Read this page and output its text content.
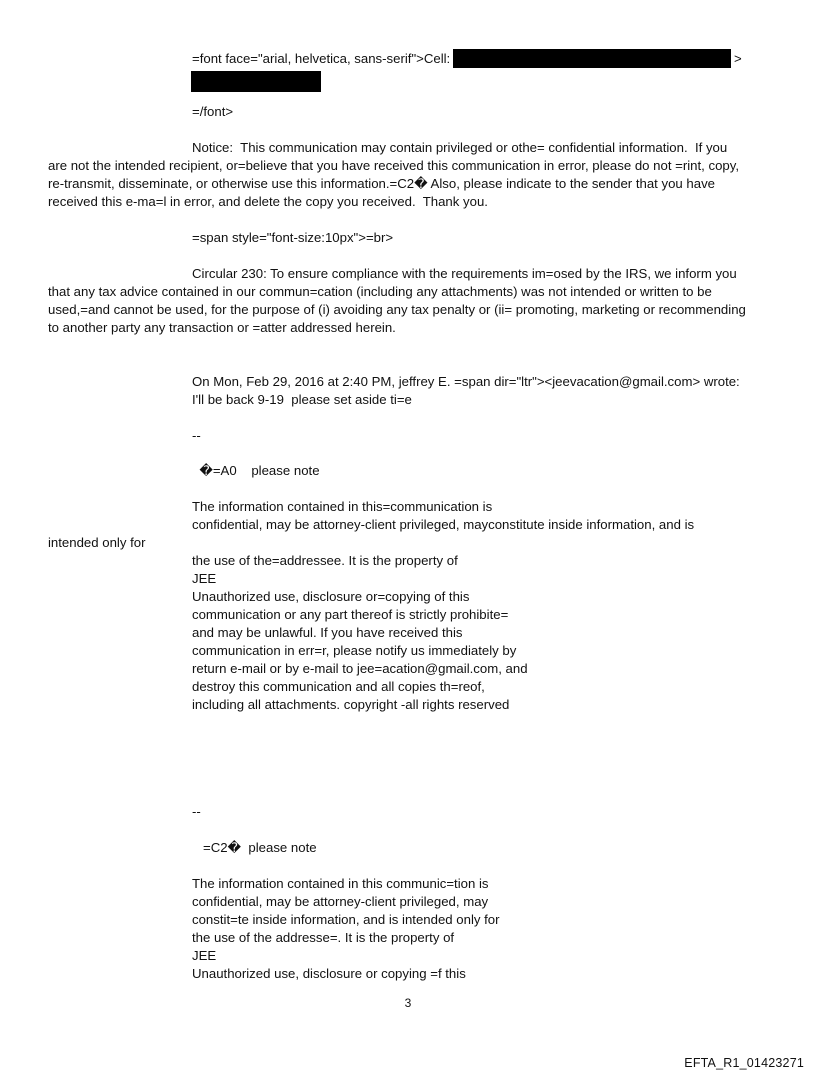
=font face="arial, helvetica, sans-serif">Cell:	>

=/font>

Notice:  This communication may contain privileged or othe= confidential information.  If you

are not the intended recipient, or=believe that you have received this communication in error, please do not =rint, copy,

re-transmit, disseminate, or otherwise use this information.=C2� Also, please indicate to the sender that you have

received this e-ma=l in error, and delete the copy you received.  Thank you.

=span style="font-size:10px">=br>

Circular 230: To ensure compliance with the requirements im=osed by the IRS, we inform you

that any tax advice contained in our commun=cation (including any attachments) was not intended or written to be

used,=and cannot be used, for the purpose of (i) avoiding any tax penalty or (ii= promoting, marketing or recommending

to another party any transaction or =atter addressed herein.

On Mon, Feb 29, 2016 at 2:40 PM, jeffrey E. =span dir="ltr"><jeevacation@gmail.com> wrote:

I'll be back 9-19  please set aside ti=e

--

�=A0    please note

The information contained in this=communication is

confidential, may be attorney-client privileged, mayconstitute inside information, and is

intended only for

the use of the=addressee. It is the property of

JEE

Unauthorized use, disclosure or=copying of this

communication or any part thereof is strictly prohibite=

and may be unlawful. If you have received this

communication in err=r, please notify us immediately by

return e-mail or by e-mail to jee=acation@gmail.com, and

destroy this communication and all copies th=reof,

including all attachments. copyright -all rights reserved

--

=C2�  please note

The information contained in this communic=tion is

confidential, may be attorney-client privileged, may

constit=te inside information, and is intended only for

the use of the addresse=. It is the property of

JEE

Unauthorized use, disclosure or copying =f this

3
EFTA_R1_01423271
